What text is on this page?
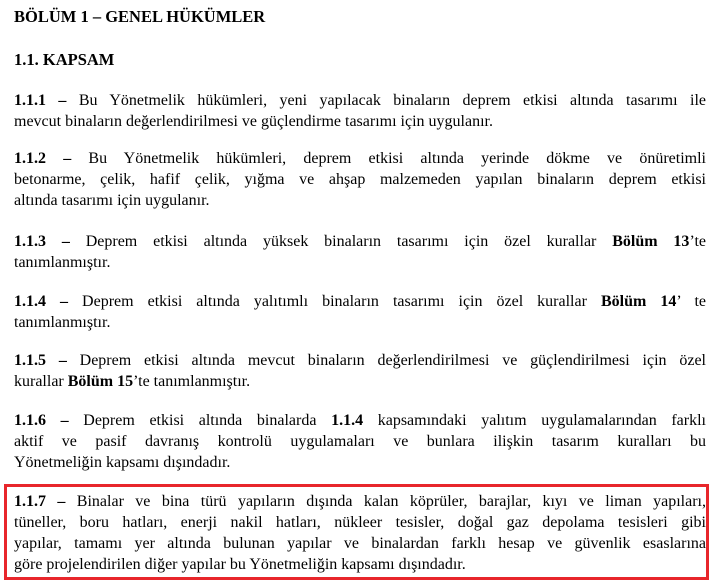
BÖLÜM 1 – GENEL HÜKÜMLER
1.1. KAPSAM
1.1.1 – Bu Yönetmelik hükümleri, yeni yapılacak binaların deprem etkisi altında tasarımı ile
mevcut binaların değerlendirilmesi ve güçlendirme tasarımı için uygulanır.
1.1.2 – Bu Yönetmelik hükümleri, deprem etkisi altında yerinde dökme ve önüretimli
betonarme, çelik, hafif çelik, yığma ve ahşap malzemeden yapılan binaların deprem etkisi
altında tasarımı için uygulanır.
1.1.3 – Deprem etkisi altında yüksek binaların tasarımı için özel kurallar Bölüm 13’te
tanımlanmıştır.
1.1.4 – Deprem etkisi altında yalıtımlı binaların tasarımı için özel kurallar Bölüm 14’ te
tanımlanmıştır.
1.1.5 – Deprem etkisi altında mevcut binaların değerlendirilmesi ve güçlendirilmesi için özel
kurallar Bölüm 15’te tanımlanmıştır.
1.1.6 – Deprem etkisi altında binalarda 1.1.4 kapsamındaki yalıtım uygulamalarından farklı
aktif ve pasif davranış kontrolü uygulamaları ve bunlara ilişkin tasarım kuralları bu
Yönetmeliğin kapsamı dışındadır.
1.1.7 – Binalar ve bina türü yapıların dışında kalan köprüler, barajlar, kıyı ve liman yapıları,
tüneller, boru hatları, enerji nakil hatları, nükleer tesisler, doğal gaz depolama tesisleri gibi
yapılar, tamamı yer altında bulunan yapılar ve binalardan farklı hesap ve güvenlik esaslarına
göre projelendirilen diğer yapılar bu Yönetmeliğin kapsamı dışındadır.
